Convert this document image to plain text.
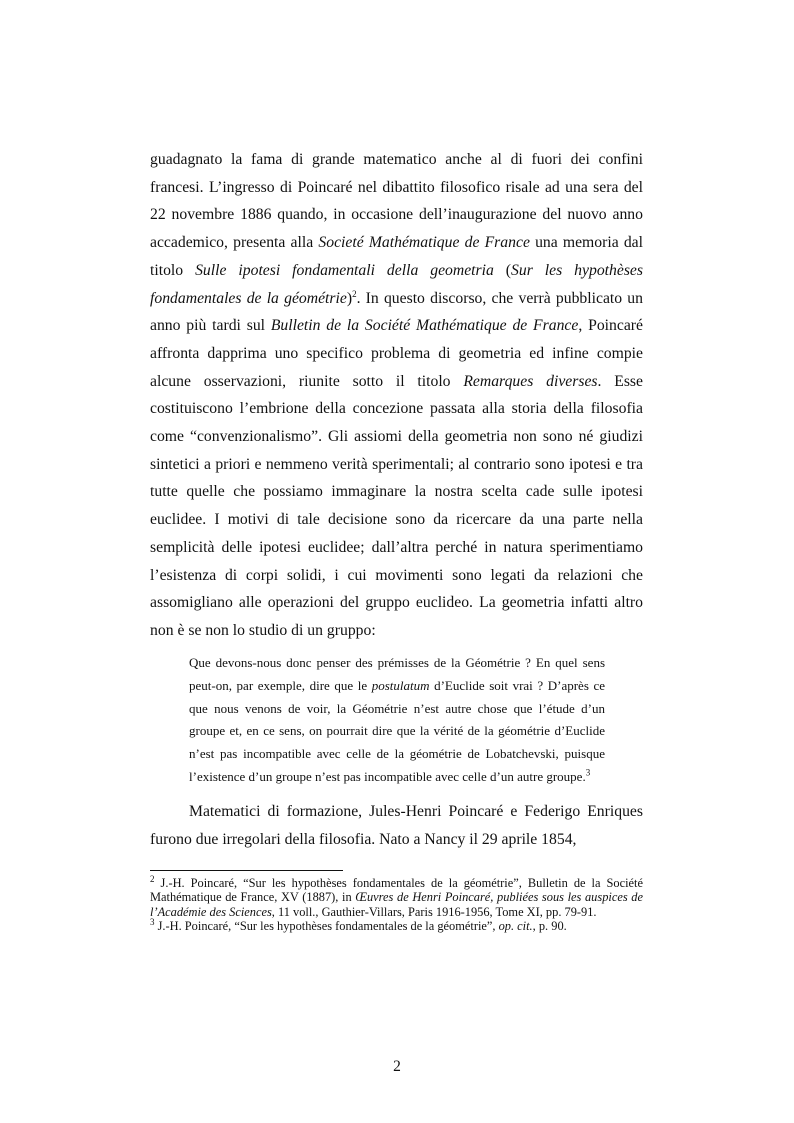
guadagnato la fama di grande matematico anche al di fuori dei confini francesi. L’ingresso di Poincaré nel dibattito filosofico risale ad una sera del 22 novembre 1886 quando, in occasione dell’inaugurazione del nuovo anno accademico, presenta alla Societé Mathématique de France una memoria dal titolo Sulle ipotesi fondamentali della geometria (Sur les hypothèses fondamentales de la géométrie)$^2$. In questo discorso, che verrà pubblicato un anno più tardi sul Bulletin de la Société Mathématique de France, Poincaré affronta dapprima uno specifico problema di geometria ed infine compie alcune osservazioni, riunite sotto il titolo Remarques diverses. Esse costituiscono l’embrione della concezione passata alla storia della filosofia come “convenzionalismo”. Gli assiomi della geometria non sono né giudizi sintetici a priori e nemmeno verità sperimentali; al contrario sono ipotesi e tra tutte quelle che possiamo immaginare la nostra scelta cade sulle ipotesi euclidee. I motivi di tale decisione sono da ricercare da una parte nella semplicità delle ipotesi euclidee; dall’altra perché in natura sperimentiamo l’esistenza di corpi solidi, i cui movimenti sono legati da relazioni che assomigliano alle operazioni del gruppo euclideo. La geometria infatti altro non è se non lo studio di un gruppo:

Que devons-nous donc penser des prémisses de la Géométrie ? En quel sens peut-on, par exemple, dire que le postulatum d’Euclide soit vrai ? D’après ce que nous venons de voir, la Géométrie n’est autre chose que l’étude d’un groupe et, en ce sens, on pourrait dire que la vérité de la géométrie d’Euclide n’est pas incompatible avec celle de la géométrie de Lobatchevski, puisque l’existence d’un groupe n’est pas incompatible avec celle d’un autre groupe.$^3$

Matematici di formazione, Jules-Henri Poincaré e Federigo Enriques furono due irregolari della filosofia. Nato a Nancy il 29 aprile 1854,

$^2$ J.-H. Poincaré, “Sur les hypothèses fondamentales de la géométrie”, Bulletin de la Société Mathématique de France, XV (1887), in Œuvres de Henri Poincaré, publiées sous les auspices de l’Académie des Sciences, 11 voll., Gauthier-Villars, Paris 1916-1956, Tome XI, pp. 79-91.

$^3$ J.-H. Poincaré, “Sur les hypothèses fondamentales de la géométrie”, op. cit., p. 90.

2
